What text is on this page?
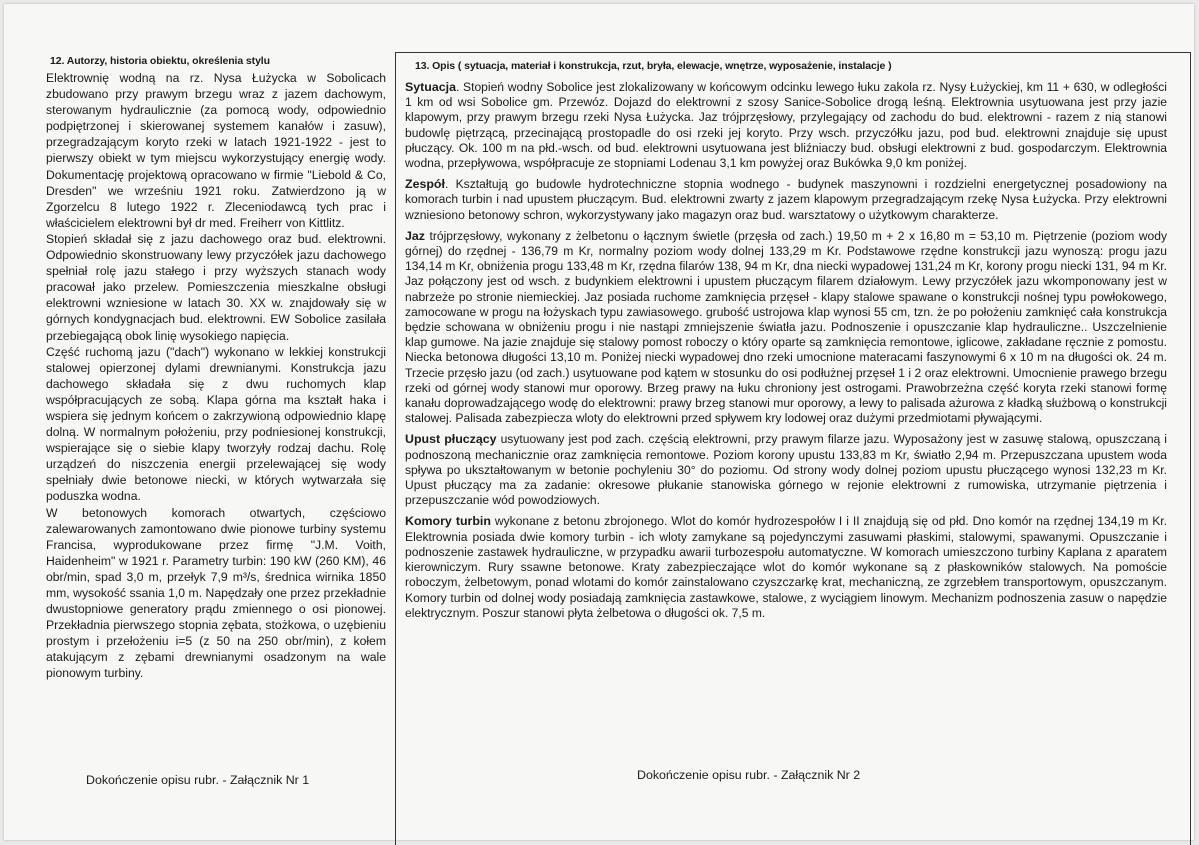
12. Autorzy, historia obiektu, określenia stylu	13. Opis ( sytuacja, materiał i konstrukcja, rzut, bryła, elewacje, wnętrze, wyposażenie, instalacje )

Elektrownię wodną na rz. Nysa Łużycka w Sobolicach zbudowano przy prawym brzegu wraz z jazem dachowym, sterowanym hydraulicznie (za pomocą wody, odpowiednio podpiętrzonej i skierowanej systemem kanałów i zasuw), przegradzającym koryto rzeki w latach 1921-1922 - jest to pierwszy obiekt w tym miejscu wykorzystujący energię wody. Dokumentację projektową opracowano w firmie "Liebold & Co, Dresden" we wrześniu 1921 roku. Zatwierdzono ją w Zgorzelcu 8 lutego 1922 r. Zleceniodawcą tych prac i właścicielem elektrowni był dr med. Freiherr von Kittlitz.

Stopień składał się z jazu dachowego oraz bud. elektrowni. Odpowiednio skonstruowany lewy przyczółek jazu dachowego spełniał rolę jazu stałego i przy wyższych stanach wody pracował jako przelew. Pomieszczenia mieszkalne obsługi elektrowni wzniesione w latach 30. XX w. znajdowały się w górnych kondygnacjach bud. elektrowni. EW Sobolice zasilała przebiegającą obok linię wysokiego napięcia.

Część ruchomą jazu ("dach") wykonano w lekkiej konstrukcji stalowej opierzonej dylami drewnianymi. Konstrukcja jazu dachowego składała się z dwu ruchomych klap współpracujących ze sobą. Klapa górna ma kształt haka i wspiera się jednym końcem o zakrzywioną odpowiednio klapę dolną. W normalnym położeniu, przy podniesionej konstrukcji, wspierające się o siebie klapy tworzyły rodzaj dachu. Rolę urządzeń do niszczenia energii przelewającej się wody spełniały dwie betonowe niecki, w których wytwarzała się poduszka wodna.

W betonowych komorach otwartych, częściowo zalewarowanych zamontowano dwie pionowe turbiny systemu Francisa, wyprodukowane przez firmę "J.M. Voith, Haidenheim" w 1921 r. Parametry turbin: 190 kW (260 KM), 46 obr/min, spad 3,0 m, przełyk 7,9 m³/s, średnica wirnika 1850 mm, wysokość ssania 1,0 m. Napędzały one przez przekładnie dwustopniowe generatory prądu zmiennego o osi pionowej. Przekładnia pierwszego stopnia zębata, stożkowa, o uzębieniu prostym i przełożeniu i=5 (z 50 na 250 obr/min), z kołem atakującym z zębami drewnianymi osadzonym na wale pionowym turbiny.

Dokończenie opisu rubr. - Załącznik Nr 1

Sytuacja. Stopień wodny Sobolice jest zlokalizowany w końcowym odcinku lewego łuku zakola rz. Nysy Łużyckiej, km 11 + 630, w odległości 1 km od wsi Sobolice gm. Przewóz. Dojazd do elektrowni z szosy Sanice-Sobolice drogą leśną. Elektrownia usytuowana jest przy jazie klapowym, przy prawym brzegu rzeki Nysa Łużycka. Jaz trójprzęsłowy, przylegający od zachodu do bud. elektrowni - razem z nią stanowi budowlę piętrzącą, przecinającą prostopadle do osi rzeki jej koryto. Przy wsch. przyczółku jazu, pod bud. elektrowni znajduje się upust płuczący. Ok. 100 m na płd.-wsch. od bud. elektrowni usytuowana jest bliźniaczy bud. obsługi elektrowni z bud. gospodarczym. Elektrownia wodna, przepływowa, współpracuje ze stopniami Lodenau 3,1 km powyżej oraz Bukówka 9,0 km poniżej.

Zespół. Kształtują go budowle hydrotechniczne stopnia wodnego - budynek maszynowni i rozdzielni energetycznej posadowiony na komorach turbin i nad upustem płuczącym. Bud. elektrowni zwarty z jazem klapowym przegradzającym rzekę Nysa Łużycka. Przy elektrowni wzniesiono betonowy schron, wykorzystywany jako magazyn oraz bud. warsztatowy o użytkowym charakterze.

Jaz trójprzęsłowy, wykonany z żelbetonu o łącznym świetle (przęsła od zach.) 19,50 m + 2 x 16,80 m = 53,10 m. Piętrzenie (poziom wody górnej) do rzędnej - 136,79 m Kr, normalny poziom wody dolnej 133,29 m Kr. Podstawowe rzędne konstrukcji jazu wynoszą: progu jazu 134,14 m Kr, obniżenia progu 133,48 m Kr, rzędna filarów 138, 94 m Kr, dna niecki wypadowej 131,24 m Kr, korony progu niecki 131, 94 m Kr. Jaz połączony jest od wsch. z budynkiem elektrowni i upustem płuczącym filarem działowym. Lewy przyczółek jazu wkomponowany jest w nabrzeże po stronie niemieckiej. Jaz posiada ruchome zamknięcia przęseł - klapy stalowe spawane o konstrukcji nośnej typu powłokowego, zamocowane w progu na łożyskach typu zawiasowego. grubość ustrojowa klap wynosi 55 cm, tzn. że po położeniu zamknięć cała konstrukcja będzie schowana w obniżeniu progu i nie nastąpi zmniejszenie światła jazu. Podnoszenie i opuszczanie klap hydrauliczne.. Uszczelnienie klap gumowe. Na jazie znajduje się stalowy pomost roboczy o który oparte są zamknięcia remontowe, iglicowe, zakładane ręcznie z pomostu. Niecka betonowa długości 13,10 m. Poniżej niecki wypadowej dno rzeki umocnione materacami faszynowymi 6 x 10 m na długości ok. 24 m. Trzecie przęsło jazu (od zach.) usytuowane pod kątem w stosunku do osi podłużnej przęseł 1 i 2 oraz elektrowni. Umocnienie prawego brzegu rzeki od górnej wody stanowi mur oporowy. Brzeg prawy na łuku chroniony jest ostrogami. Prawobrzeżna część koryta rzeki stanowi formę kanału doprowadzającego wodę do elektrowni: prawy brzeg stanowi mur oporowy, a lewy to palisada ażurowa z kładką służbową o konstrukcji stalowej. Palisada zabezpiecza wloty do elektrowni przed spływem kry lodowej oraz dużymi przedmiotami pływającymi.

Upust płuczący usytuowany jest pod zach. częścią elektrowni, przy prawym filarze jazu. Wyposażony jest w zasuwę stalową, opuszczaną i podnoszoną mechanicznie oraz zamknięcia remontowe. Poziom korony upustu 133,83 m Kr, światło 2,94 m. Przepuszczana upustem woda spływa po ukształtowanym w betonie pochyleniu 30° do poziomu. Od strony wody dolnej poziom upustu płuczącego wynosi 132,23 m Kr. Upust płuczący ma za zadanie: okresowe płukanie stanowiska górnego w rejonie elektrowni z rumowiska, utrzymanie piętrzenia i przepuszczanie wód powodziowych.

Komory turbin wykonane z betonu zbrojonego. Wlot do komór hydrozespołów I i II znajdują się od płd. Dno komór na rzędnej 134,19 m Kr. Elektrownia posiada dwie komory turbin - ich wloty zamykane są pojedynczymi zasuwami płaskimi, stalowymi, spawanymi. Opuszczanie i podnoszenie zastawek hydrauliczne, w przypadku awarii turbozespołu automatyczne. W komorach umieszczono turbiny Kaplana z aparatem kierowniczym. Rury ssawne betonowe. Kraty zabezpieczające wlot do komór wykonane są z płaskowników stalowych. Na pomoście roboczym, żelbetowym, ponad wlotami do komór zainstalowano czyszczarkę krat, mechaniczną, ze zgrzebłem transportowym, opuszczanym. Komory turbin od dolnej wody posiadają zamknięcia zastawkowe, stalowe, z wyciągiem linowym. Mechanizm podnoszenia zasuw o napędzie elektrycznym. Poszur stanowi płyta żelbetowa o długości ok. 7,5 m.

Dokończenie opisu rubr. - Załącznik Nr 2
